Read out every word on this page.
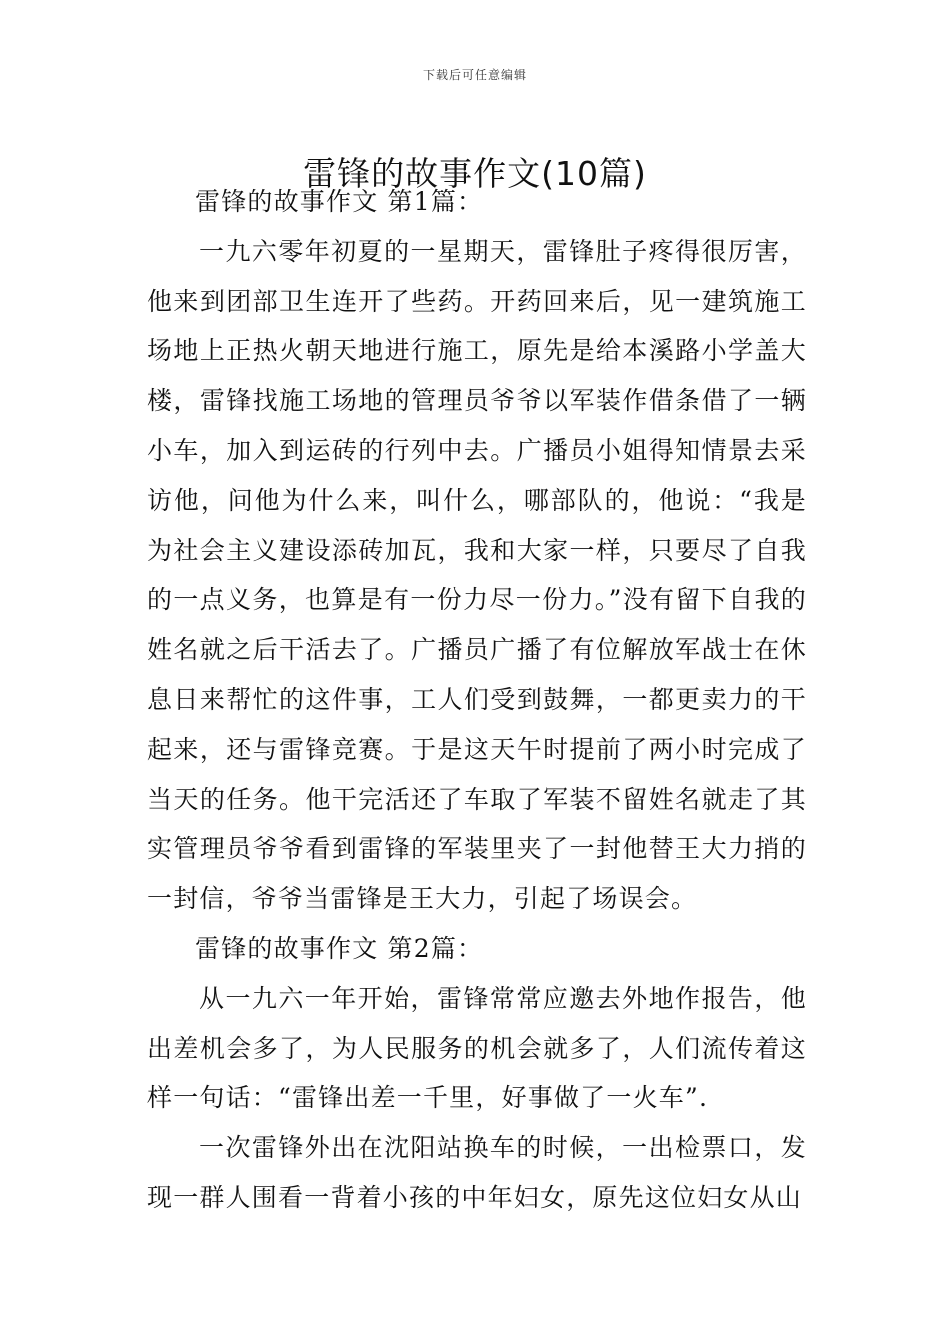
下载后可任意编辑
雷锋的故事作文(10篇)

雷锋的故事作文 第1篇：

一九六零年初夏的一星期天，雷锋肚子疼得很厉害，他来到团部卫生连开了些药。开药回来后，见一建筑施工场地上正热火朝天地进行施工，原先是给本溪路小学盖大楼，雷锋找施工场地的管理员爷爷以军装作借条借了一辆小车，加入到运砖的行列中去。广播员小姐得知情景去采访他，问他为什么来，叫什么，哪部队的，他说：“我是为社会主义建设添砖加瓦，我和大家一样，只要尽了自我的一点义务，也算是有一份力尽一份力。”没有留下自我的姓名就之后干活去了。广播员广播了有位解放军战士在休息日来帮忙的这件事，工人们受到鼓舞，一都更卖力的干起来，还与雷锋竞赛。于是这天午时提前了两小时完成了当天的任务。他干完活还了车取了军装不留姓名就走了其实管理员爷爷看到雷锋的军装里夹了一封他替王大力捎的一封信，爷爷当雷锋是王大力，引起了场误会。

雷锋的故事作文 第2篇：

从一九六一年开始，雷锋常常应邀去外地作报告，他出差机会多了，为人民服务的机会就多了，人们流传着这样一句话：“雷锋出差一千里，好事做了一火车”.

一次雷锋外出在沈阳站换车的时候，一出检票口，发现一群人围看一背着小孩的中年妇女，原先这位妇女从山
